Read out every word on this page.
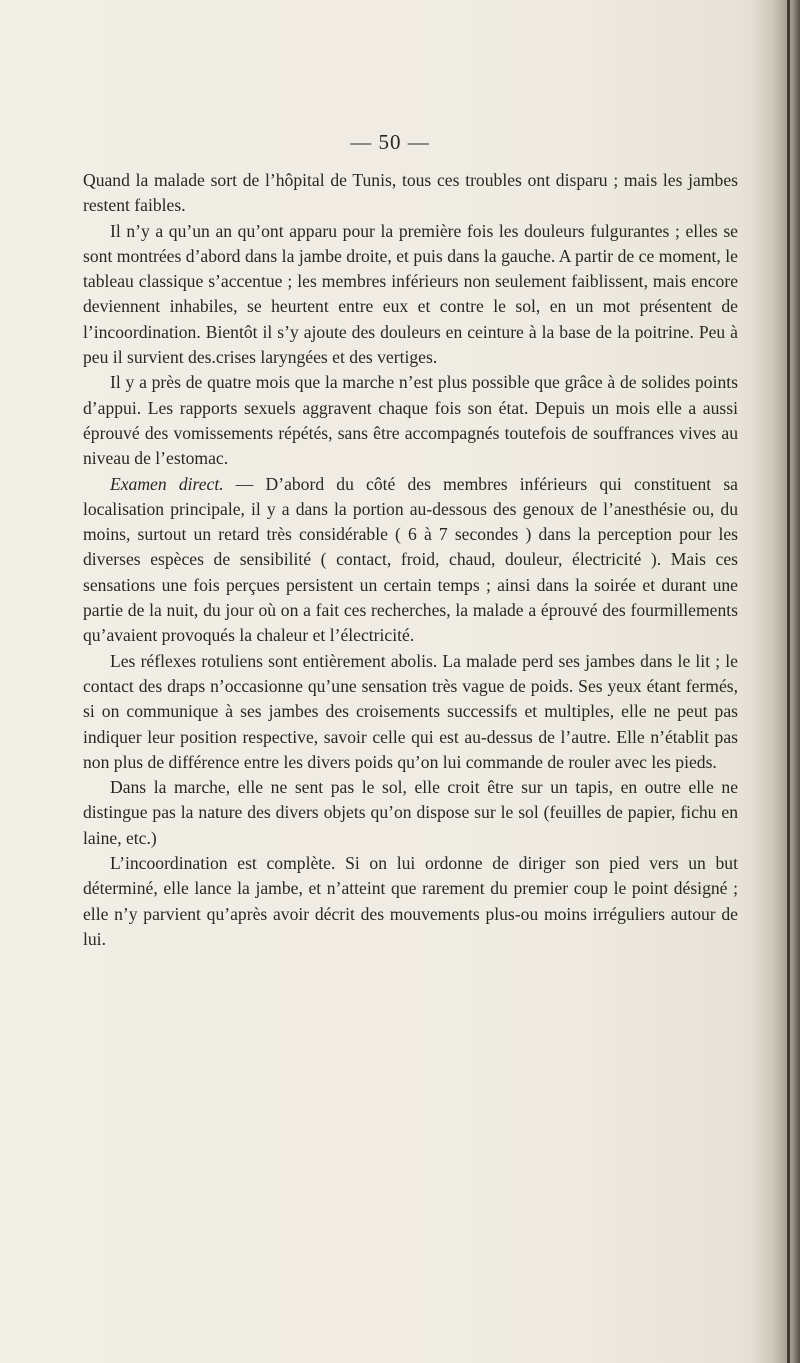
— 50 —

Quand la malade sort de l’hôpital de Tunis, tous ces troubles ont disparu ; mais les jambes restent faibles.

Il n’y a qu’un an qu’ont apparu pour la première fois les douleurs fulgurantes ; elles se sont montrées d’abord dans la jambe droite, et puis dans la gauche. A partir de ce moment, le tableau classique s’accentue ; les membres inférieurs non seulement faiblissent, mais encore deviennent inhabiles, se heurtent entre eux et contre le sol, en un mot présentent de l’incoordination. Bientôt il s’y ajoute des douleurs en ceinture à la base de la poitrine. Peu à peu il survient des.crises laryngées et des vertiges.

Il y a près de quatre mois que la marche n’est plus possible que grâce à de solides points d’appui. Les rapports sexuels aggravent chaque fois son état. Depuis un mois elle a aussi éprouvé des vomissements répétés, sans être accompagnés toutefois de souffrances vives au niveau de l’estomac.

Examen direct. — D’abord du côté des membres inférieurs qui constituent sa localisation principale, il y a dans la portion au-dessous des genoux de l’anesthésie ou, du moins, surtout un retard très considérable ( 6 à 7 secondes ) dans la perception pour les diverses espèces de sensibilité ( contact, froid, chaud, douleur, électricité ). Mais ces sensations une fois perçues persistent un certain temps ; ainsi dans la soirée et durant une partie de la nuit, du jour où on a fait ces recherches, la malade a éprouvé des fourmillements qu’avaient provoqués la chaleur et l’électricité.

Les réflexes rotuliens sont entièrement abolis. La malade perd ses jambes dans le lit ; le contact des draps n’occasionne qu’une sensation très vague de poids. Ses yeux étant fermés, si on communique à ses jambes des croisements successifs et multiples, elle ne peut pas indiquer leur position respective, savoir celle qui est au-dessus de l’autre. Elle n’établit pas non plus de différence entre les divers poids qu’on lui commande de rouler avec les pieds.

Dans la marche, elle ne sent pas le sol, elle croit être sur un tapis, en outre elle ne distingue pas la nature des divers objets qu’on dispose sur le sol (feuilles de papier, fichu en laine, etc.)

L’incoordination est complète. Si on lui ordonne de diriger son pied vers un but déterminé, elle lance la jambe, et n’atteint que rarement du premier coup le point désigné ; elle n’y parvient qu’après avoir décrit des mouvements plus-ou moins irréguliers autour de lui.
